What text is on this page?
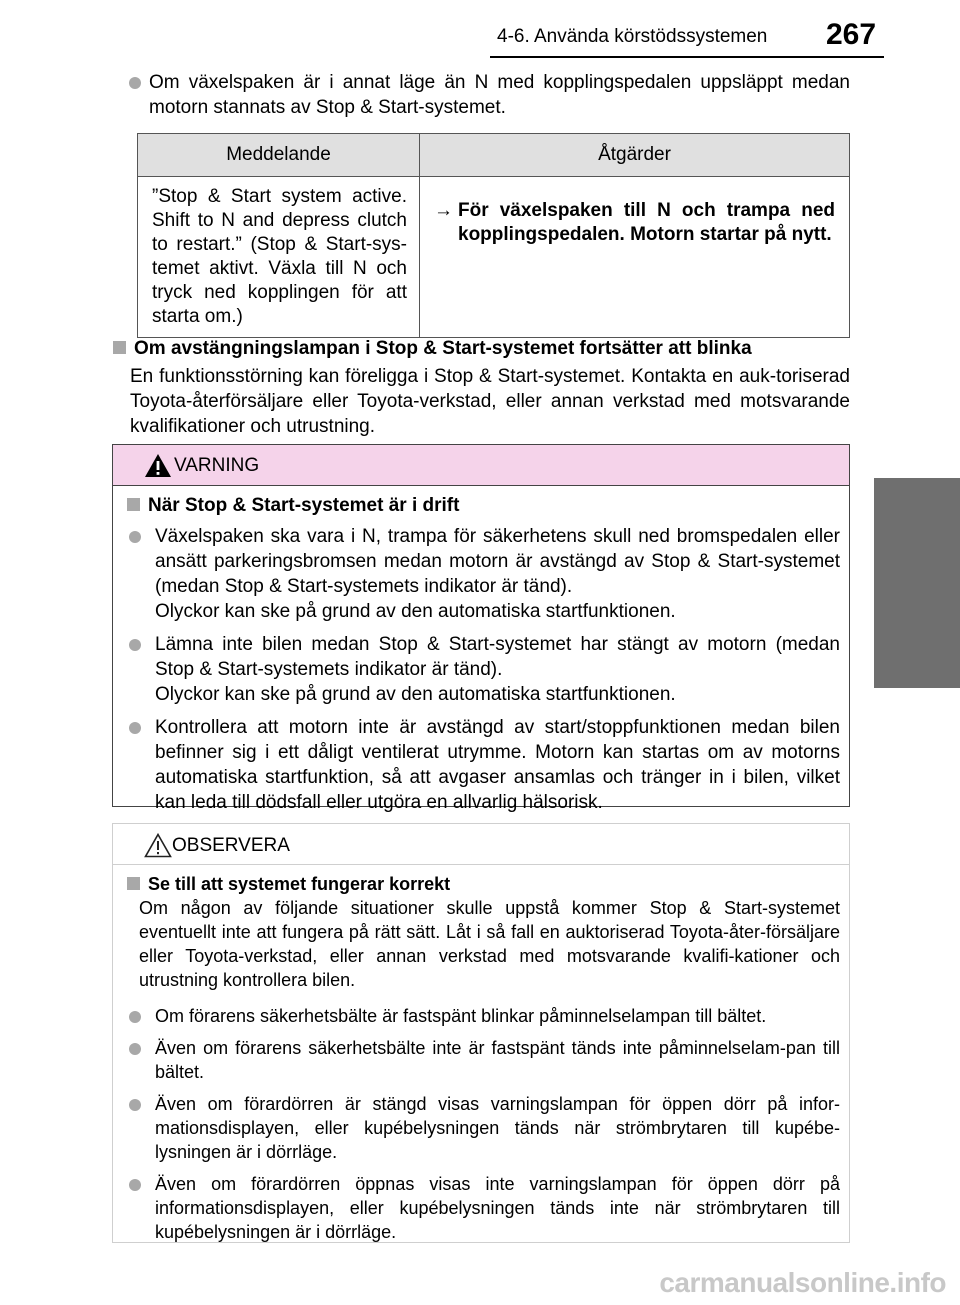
4-6. Använda körstödssystemen 267
4
Körning
Om växelspaken är i annat läge än N med kopplingspedalen uppsläppt medan motorn stannats av Stop & Start-systemet.
Meddelande	Åtgärder
”Stop & Start system active. Shift to N and depress clutch to restart.” (Stop & Start-sys-temet aktivt. Växla till N och tryck ned kopplingen för att starta om.)	→ För växelspaken till N och trampa ned kopplingspedalen. Motorn startar på nytt.
Om avstängningslampan i Stop & Start-systemet fortsätter att blinka
En funktionsstörning kan föreligga i Stop & Start-systemet. Kontakta en auk-toriserad Toyota-återförsäljare eller Toyota-verkstad, eller annan verkstad med motsvarande kvalifikationer och utrustning.
VARNING
När Stop & Start-systemet är i drift
Växelspaken ska vara i N, trampa för säkerhetens skull ned bromspedalen eller ansätt parkeringsbromsen medan motorn är avstängd av Stop & Start-systemet (medan Stop & Start-systemets indikator är tänd).
Olyckor kan ske på grund av den automatiska startfunktionen.
Lämna inte bilen medan Stop & Start-systemet har stängt av motorn (medan Stop & Start-systemets indikator är tänd).
Olyckor kan ske på grund av den automatiska startfunktionen.
Kontrollera att motorn inte är avstängd av start/stoppfunktionen medan bilen befinner sig i ett dåligt ventilerat utrymme. Motorn kan startas om av motorns automatiska startfunktion, så att avgaser ansamlas och tränger in i bilen, vilket kan leda till dödsfall eller utgöra en allvarlig hälsorisk.
OBSERVERA
Se till att systemet fungerar korrekt
Om någon av följande situationer skulle uppstå kommer Stop & Start-systemet eventuellt inte att fungera på rätt sätt. Låt i så fall en auktoriserad Toyota-åter-försäljare eller Toyota-verkstad, eller annan verkstad med motsvarande kvalifi-kationer och utrustning kontrollera bilen.
Om förarens säkerhetsbälte är fastspänt blinkar påminnelselampan till bältet.
Även om förarens säkerhetsbälte inte är fastspänt tänds inte påminnelselam-pan till bältet.
Även om förardörren är stängd visas varningslampan för öppen dörr på infor-mationsdisplayen, eller kupébelysningen tänds när strömbrytaren till kupébe-lysningen är i dörrläge.
Även om förardörren öppnas visas inte varningslampan för öppen dörr på informationsdisplayen, eller kupébelysningen tänds inte när strömbrytaren till kupébelysningen är i dörrläge.
carmanualsonline.info
